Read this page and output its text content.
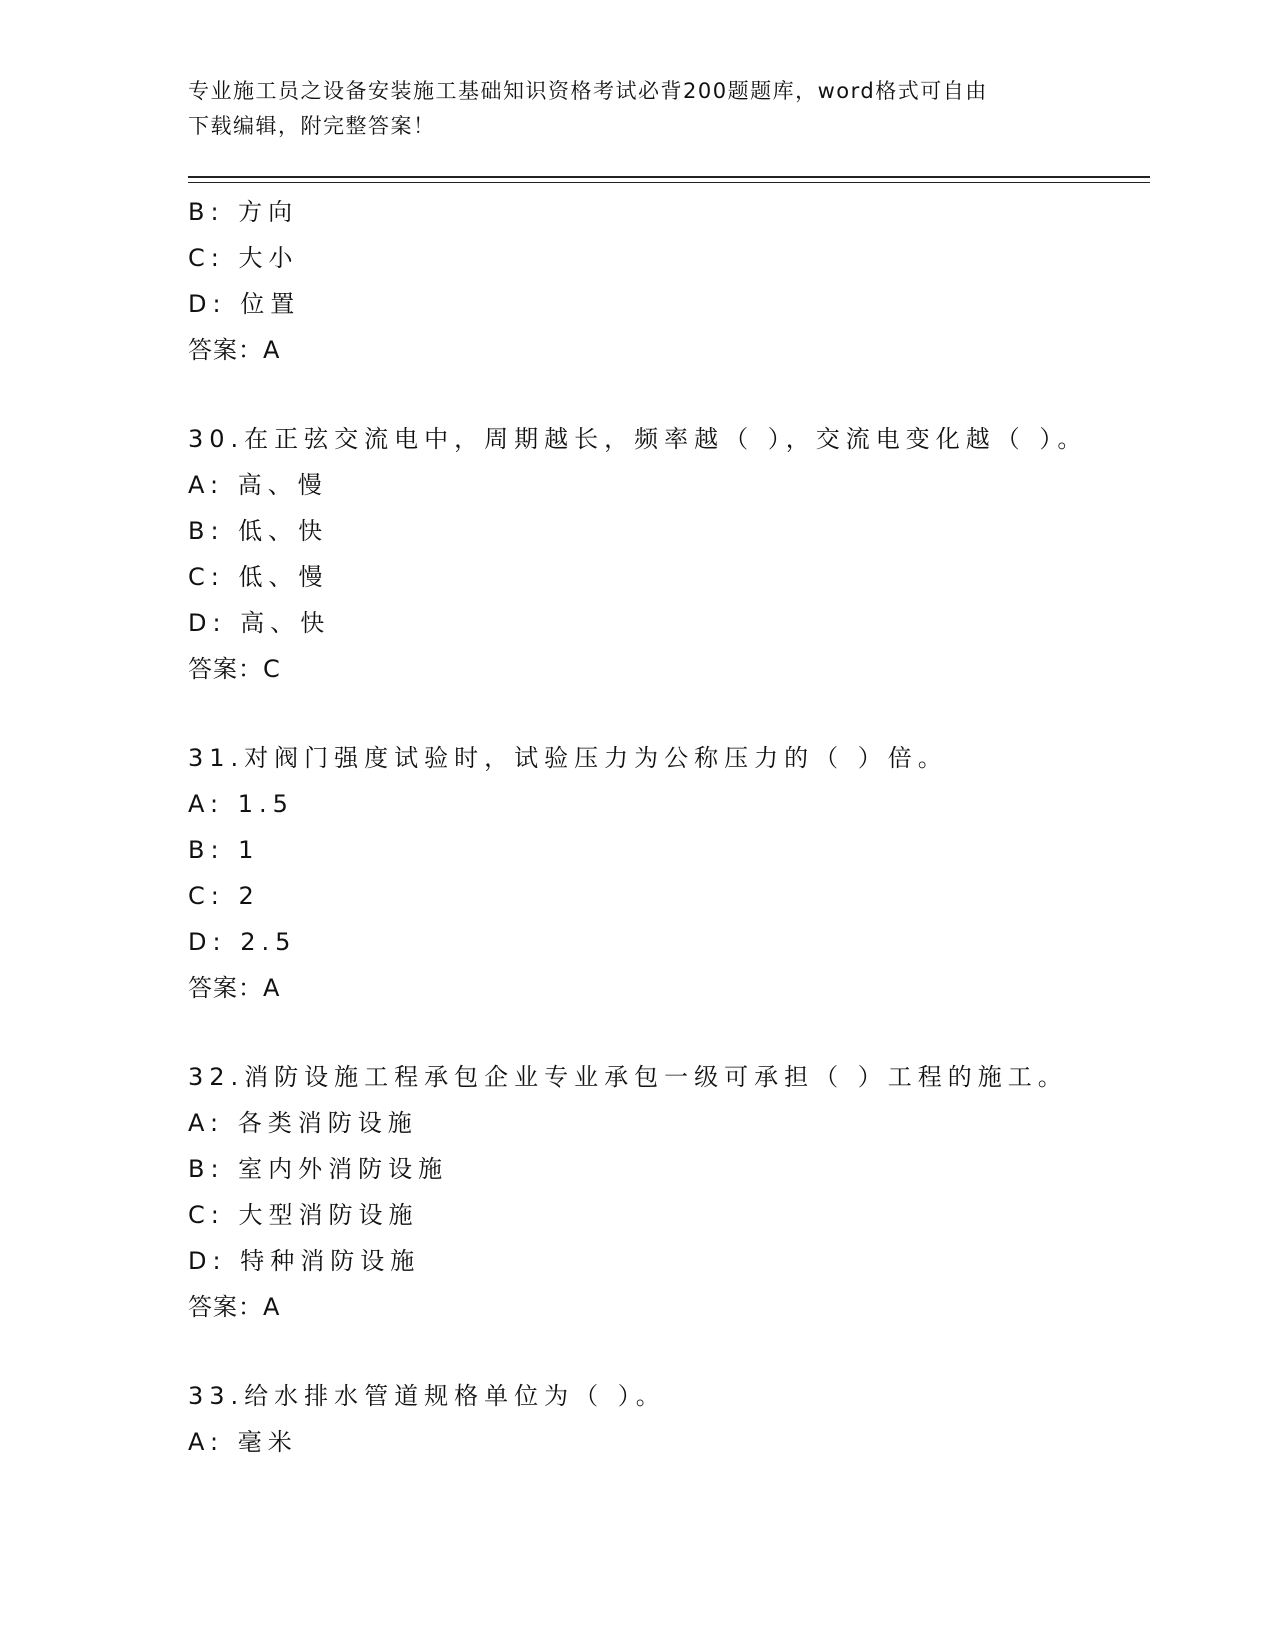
专业施工员之设备安装施工基础知识资格考试必背200题题库，word格式可自由
下载编辑，附完整答案！
B: 方向
C: 大小
D: 位置
答案：A
30.在正弦交流电中，周期越长，频率越（ ），交流电变化越（ ）。
A: 高、慢
B: 低、快
C: 低、慢
D: 高、快
答案：C
31.对阀门强度试验时，试验压力为公称压力的（ ）倍。
A: 1.5
B: 1
C: 2
D: 2.5
答案：A
32.消防设施工程承包企业专业承包一级可承担（ ）工程的施工。
A: 各类消防设施
B: 室内外消防设施
C: 大型消防设施
D: 特种消防设施
答案：A
33.给水排水管道规格单位为（ ）。
A: 毫米
